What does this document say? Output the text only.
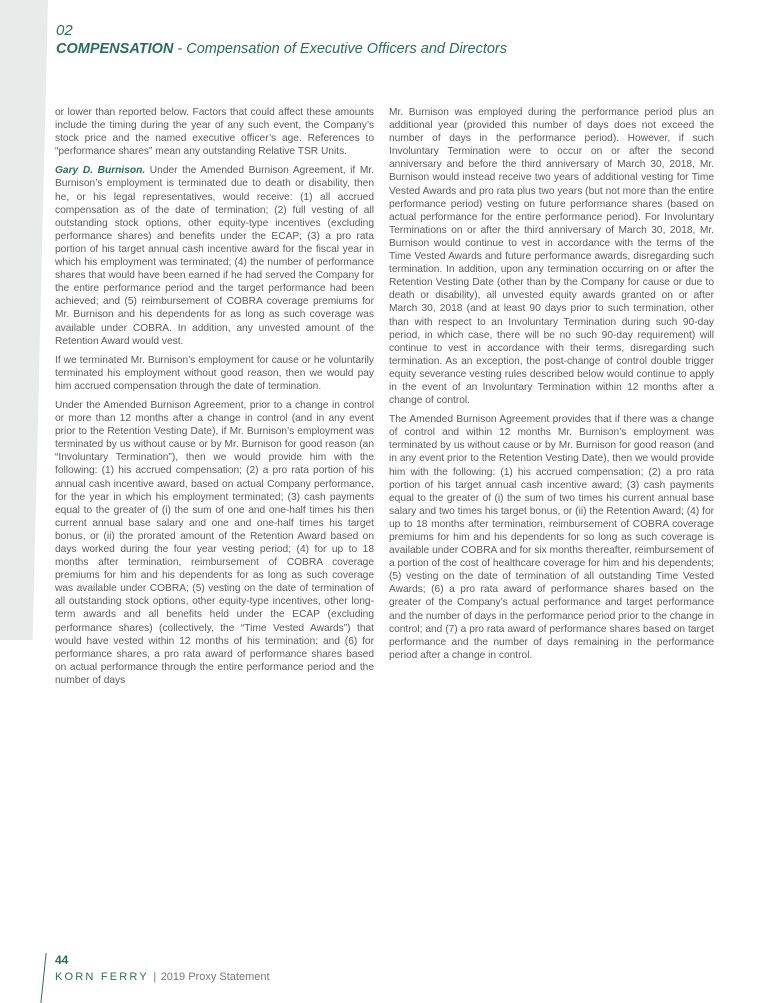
02
COMPENSATION - Compensation of Executive Officers and Directors

or lower than reported below. Factors that could affect these amounts include the timing during the year of any such event, the Company’s stock price and the named executive officer’s age. References to “performance shares” mean any outstanding Relative TSR Units.

Gary D. Burnison. Under the Amended Burnison Agreement, if Mr. Burnison’s employment is terminated due to death or disability, then he, or his legal representatives, would receive: (1) all accrued compensation as of the date of termination; (2) full vesting of all outstanding stock options, other equity-type incentives (excluding performance shares) and benefits under the ECAP; (3) a pro rata portion of his target annual cash incentive award for the fiscal year in which his employment was terminated; (4) the number of performance shares that would have been earned if he had served the Company for the entire performance period and the target performance had been achieved; and (5) reimbursement of COBRA coverage premiums for Mr. Burnison and his dependents for as long as such coverage was available under COBRA. In addition, any unvested amount of the Retention Award would vest.

If we terminated Mr. Burnison’s employment for cause or he voluntarily terminated his employment without good reason, then we would pay him accrued compensation through the date of termination.

Under the Amended Burnison Agreement, prior to a change in control or more than 12 months after a change in control (and in any event prior to the Retention Vesting Date), if Mr. Burnison’s employment was terminated by us without cause or by Mr. Burnison for good reason (an “Involuntary Termination”), then we would provide him with the following: (1) his accrued compensation; (2) a pro rata portion of his annual cash incentive award, based on actual Company performance, for the year in which his employment terminated; (3) cash payments equal to the greater of (i) the sum of one and one-half times his then current annual base salary and one and one-half times his target bonus, or (ii) the prorated amount of the Retention Award based on days worked during the four year vesting period; (4) for up to 18 months after termination, reimbursement of COBRA coverage premiums for him and his dependents for as long as such coverage was available under COBRA; (5) vesting on the date of termination of all outstanding stock options, other equity-type incentives, other long-term awards and all benefits held under the ECAP (excluding performance shares) (collectively, the “Time Vested Awards”) that would have vested within 12 months of his termination; and (6) for performance shares, a pro rata award of performance shares based on actual performance through the entire performance period and the number of days

Mr. Burnison was employed during the performance period plus an additional year (provided this number of days does not exceed the number of days in the performance period). However, if such Involuntary Termination were to occur on or after the second anniversary and before the third anniversary of March 30, 2018, Mr. Burnison would instead receive two years of additional vesting for Time Vested Awards and pro rata plus two years (but not more than the entire performance period) vesting on future performance shares (based on actual performance for the entire performance period). For Involuntary Terminations on or after the third anniversary of March 30, 2018, Mr. Burnison would continue to vest in accordance with the terms of the Time Vested Awards and future performance awards, disregarding such termination. In addition, upon any termination occurring on or after the Retention Vesting Date (other than by the Company for cause or due to death or disability), all unvested equity awards granted on or after March 30, 2018 (and at least 90 days prior to such termination, other than with respect to an Involuntary Termination during such 90-day period, in which case, there will be no such 90-day requirement) will continue to vest in accordance with their terms, disregarding such termination. As an exception, the post-change of control double trigger equity severance vesting rules described below would continue to apply in the event of an Involuntary Termination within 12 months after a change of control.

The Amended Burnison Agreement provides that if there was a change of control and within 12 months Mr. Burnison’s employment was terminated by us without cause or by Mr. Burnison for good reason (and in any event prior to the Retention Vesting Date), then we would provide him with the following: (1) his accrued compensation; (2) a pro rata portion of his target annual cash incentive award; (3) cash payments equal to the greater of (i) the sum of two times his current annual base salary and two times his target bonus, or (ii) the Retention Award; (4) for up to 18 months after termination, reimbursement of COBRA coverage premiums for him and his dependents for so long as such coverage is available under COBRA and for six months thereafter, reimbursement of a portion of the cost of healthcare coverage for him and his dependents; (5) vesting on the date of termination of all outstanding Time Vested Awards; (6) a pro rata award of performance shares based on the greater of the Company’s actual performance and target performance and the number of days in the performance period prior to the change in control; and (7) a pro rata award of performance shares based on target performance and the number of days remaining in the performance period after a change in control.

44
KORN FERRY | 2019 Proxy Statement
